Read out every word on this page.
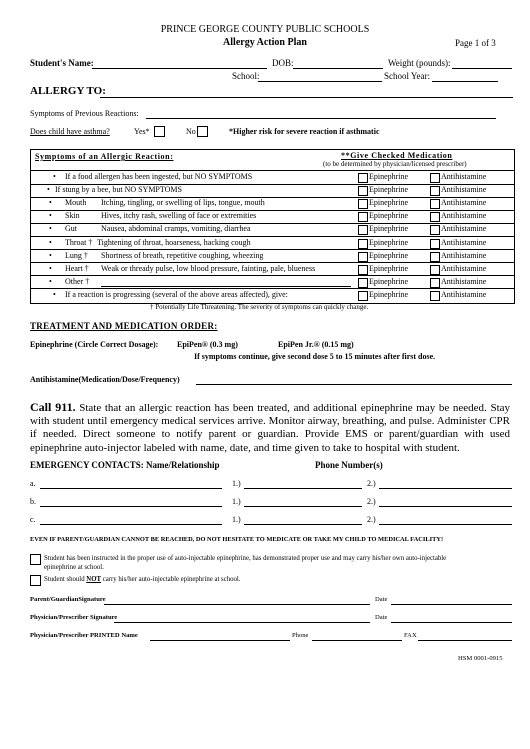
PRINCE GEORGE COUNTY PUBLIC SCHOOLS
Allergy Action Plan	Page 1 of 3
Student's Name:	DOB:	Weight (pounds):
School:	School Year:
ALLERGY TO:
Symptoms of Previous Reactions:
Does child have asthma?	Yes*	No	*Higher risk for severe reaction if asthmatic
Symptoms of an Allergic Reaction:	**Give Checked Medication
(to be determined by physician/licensed prescriber)
• If a food allergen has been ingested, but NO SYMPTOMS	Epinephrine	Antihistamine
• If stung by a bee, but NO SYMPTOMS	Epinephrine	Antihistamine
• Mouth Itching, tingling, or swelling of lips, tongue, mouth	Epinephrine	Antihistamine
• Skin	Hives, itchy rash, swelling of face or extremities	Epinephrine	Antihistamine
• Gut	Nausea, abdominal cramps, vomiting, diarrhea	Epinephrine	Antihistamine
• Throat † Tightening of throat, hoarseness, hacking cough	Epinephrine	Antihistamine
• Lung † Shortness of breath, repetitive coughing, wheezing	Epinephrine	Antihistamine
• Heart † Weak or thready pulse, low blood pressure, fainting, pale, blueness	Epinephrine	Antihistamine
• Other †	Epinephrine	Antihistamine
• If a reaction is progressing (several of the above areas affected), give:	Epinephrine	Antihistamine
† Potentially Life Threatening. The severity of symptoms can quickly change.
TREATMENT AND MEDICATION ORDER:
Epinephrine (Circle Correct Dosage): EpiPen® (0.3 mg)	EpiPen Jr.® (0.15 mg)
If symptoms continue, give second dose 5 to 15 minutes after first dose.
Antihistamine(Medication/Dose/Frequency)
Call 911. State that an allergic reaction has been treated, and additional epinephrine may be needed. Stay with student until emergency medical services arrive. Monitor airway, breathing, and pulse. Administer CPR if needed. Direct someone to notify parent or guardian. Provide EMS or parent/guardian with used epinephrine auto-injector labeled with name, date, and time given to take to hospital with student.
EMERGENCY CONTACTS: Name/Relationship	Phone Number(s)
a.	1.)	2.)
b.	1.)	2.)
c.	1.)	2.)
EVEN IF PARENT/GUARDIAN CANNOT BE REACHED, DO NOT HESITATE TO MEDICATE OR TAKE MY CHILD TO MEDICAL FACILITY!
Student has been instructed in the proper use of auto-injectable epinephrine, has demonstrated proper use and may carry his/her own auto-injectable
epinephrine at school.
Student should NOT carry his/her auto-injectable epinephrine at school.
Parent/GuardianSignature	Date
Physician/Prescriber Signature	Date
Physician/Prescriber PRINTED Name	Phone	FAX
HSM 0001-0915
